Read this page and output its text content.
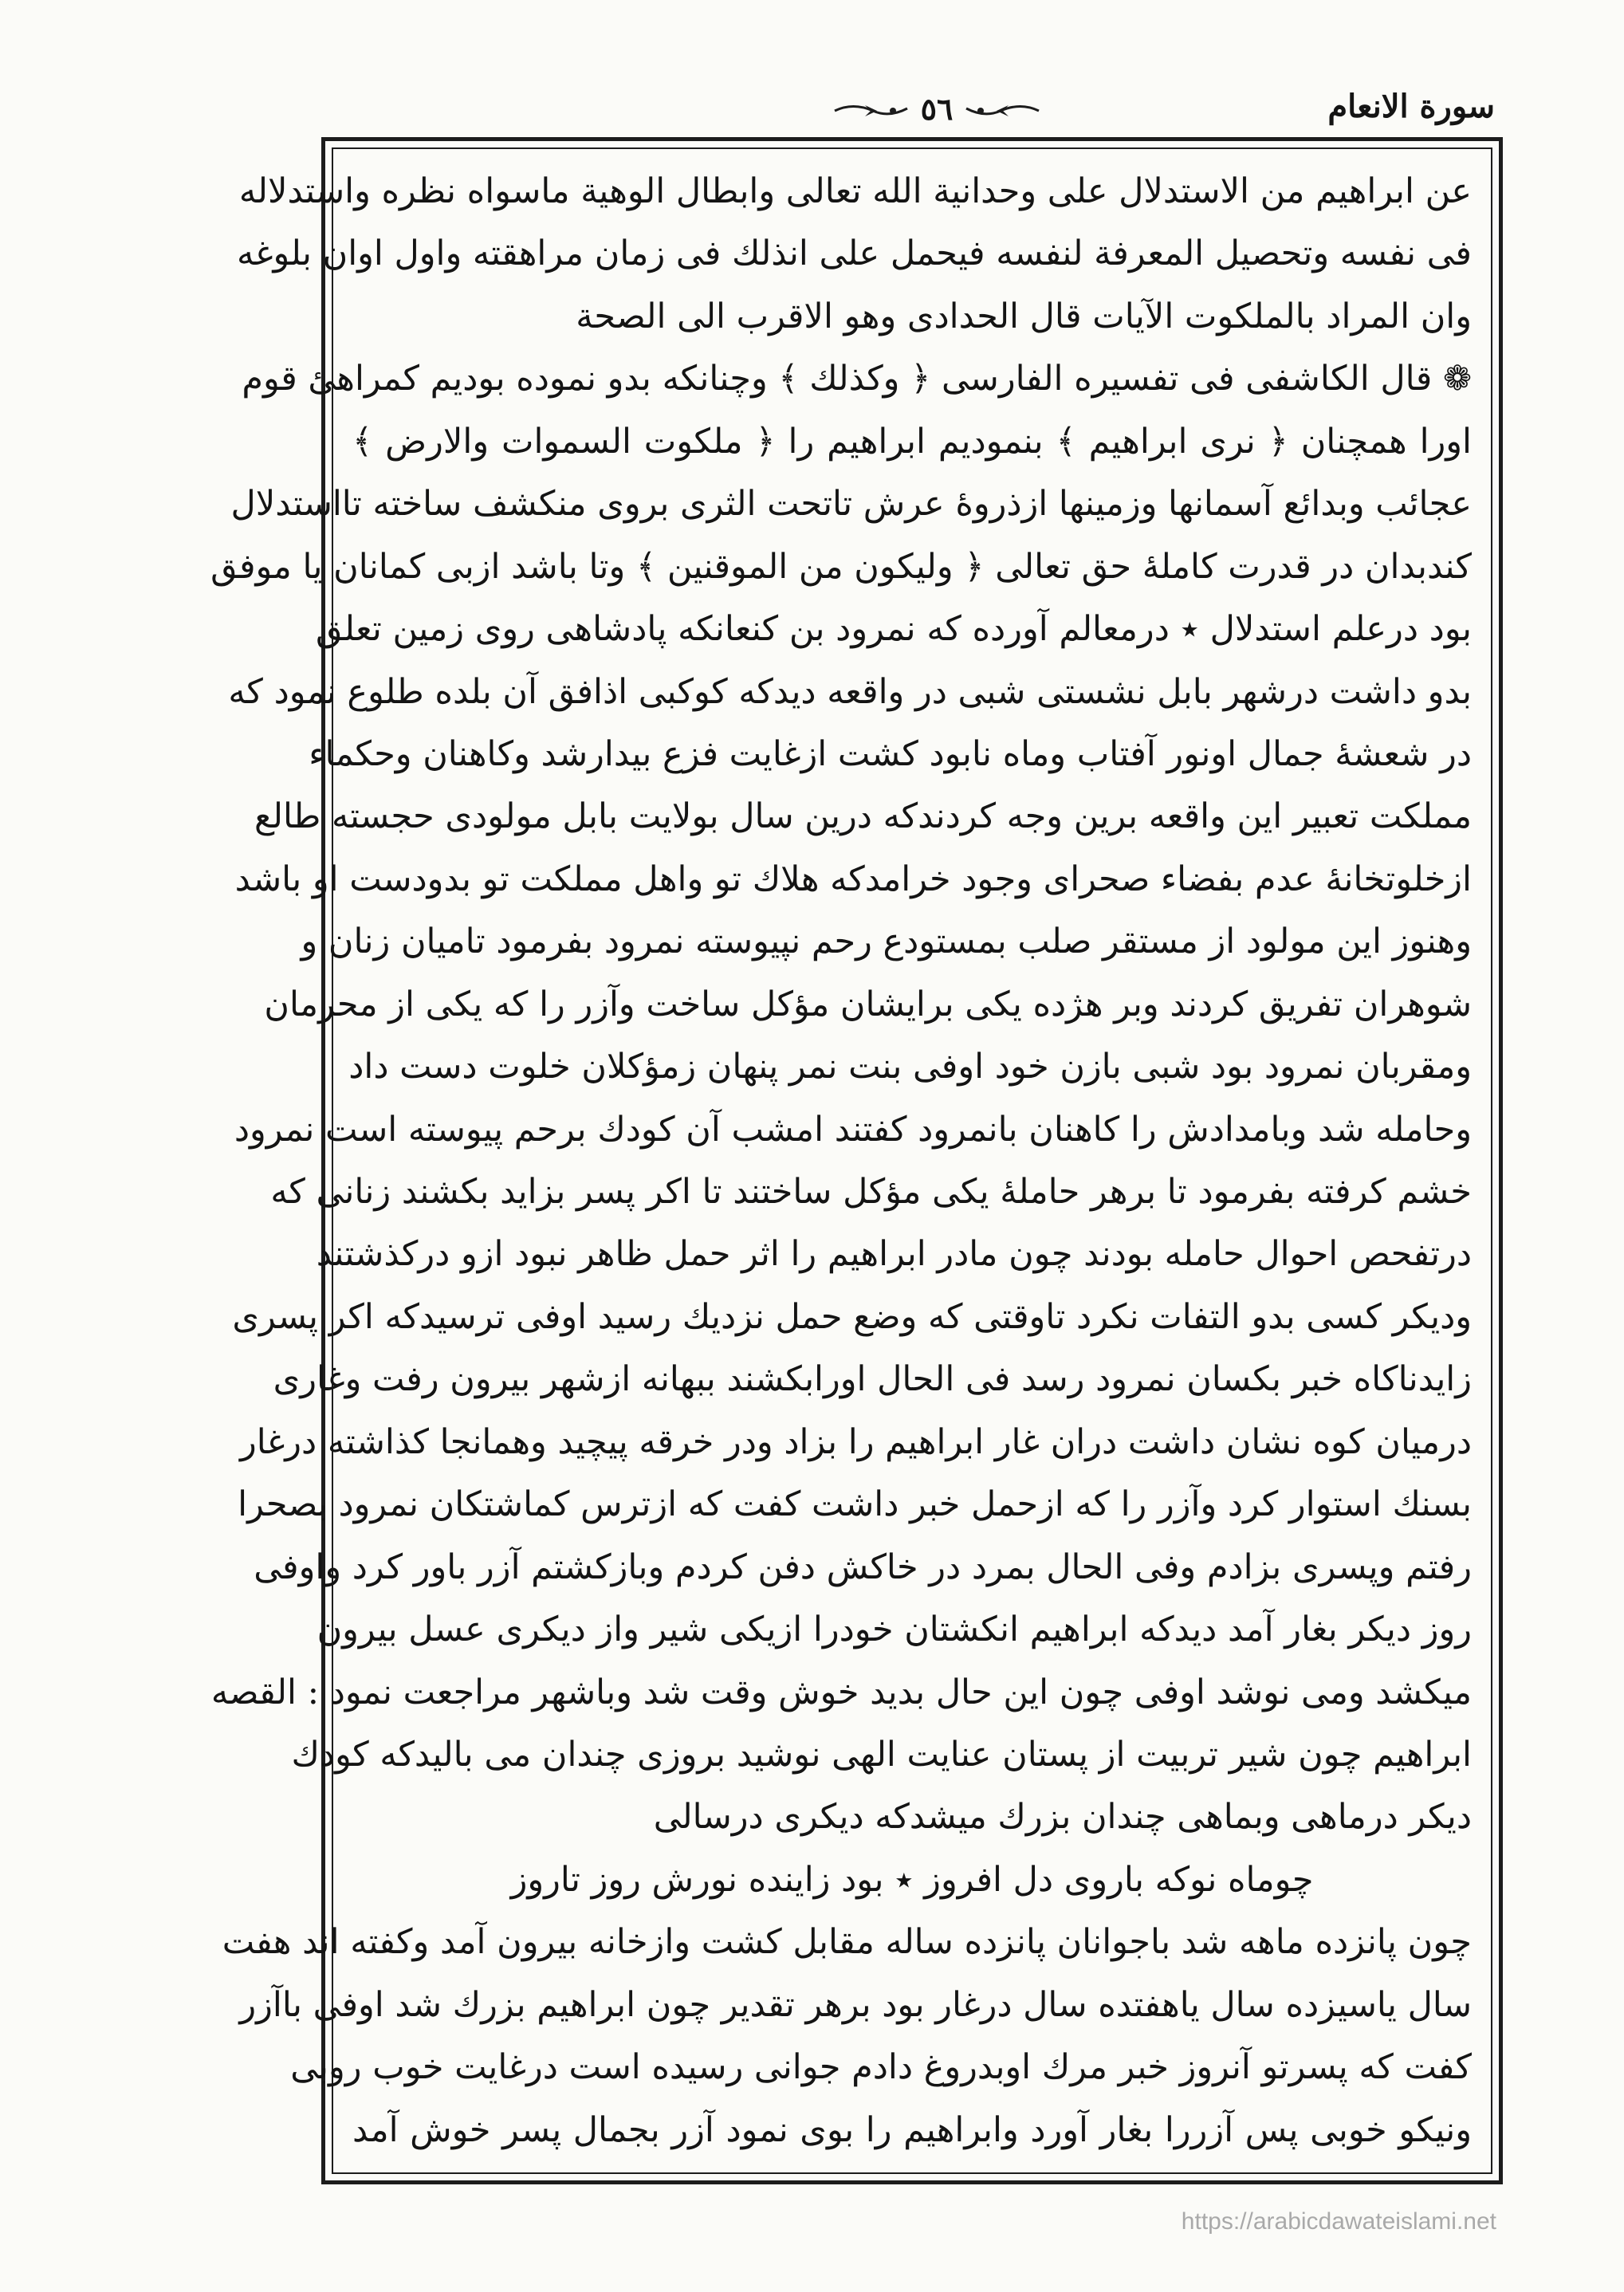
سورة الانعام
٥٦
عن ابراهيم من الاستدلال على وحدانية الله تعالى وابطال الوهية ماسواه نظره واستدلاله
فى نفسه وتحصيل المعرفة لنفسه فيحمل على انذلك فى زمان مراهقته واول اوان بلوغه
وان المراد بالملكوت الآيات قال الحدادى وهو الاقرب الى الصحة
❁ قال الكاشفى فى تفسيره الفارسى ﴿ وكذلك ﴾ وچنانكه بدو نموده بوديم كمراهىٔ قوم
اورا همچنان ﴿ نرى ابراهيم ﴾ بنموديم ابراهيم را ﴿ ملكوت السموات والارض ﴾
عجائب وبدائع آسمانها وزمينها ازذروهٔ عرش تاتحت الثرى بروى منكشف ساخته تااستدلال
كندبدان در قدرت كاملهٔ حق تعالى ﴿ وليكون من الموقنين ﴾ وتا باشد ازبى كمانان يا موفق
بود درعلم استدلال ٭ درمعالم آورده كه نمرود بن كنعانكه پادشاهى روى زمين تعلق
بدو داشت درشهر بابل نشستى شبى در واقعه ديدكه كوكبى اذافق آن بلده طلوع نمود كه
در شعشهٔ جمال اونور آفتاب وماه نابود كشت ازغايت فزع بيدارشد وكاهنان وحكماء
مملكت تعبير اين واقعه برين وجه كردندكه درين سال بولايت بابل مولودى حجسته طالع
ازخلوتخانهٔ عدم بفضاء صحراى وجود خرامدكه هلاك تو واهل مملكت تو بدودست او باشد
وهنوز اين مولود از مستقر صلب بمستودع رحم نپيوسته نمرود بفرمود تاميان زنان و
شوهران تفريق كردند وبر هژده يكى برايشان مؤكل ساخت وآزر را كه يكى از محرمان
ومقربان نمرود بود شبى بازن خود اوفى بنت نمر پنهان زمؤكلان خلوت دست داد
وحامله شد وبامدادش را كاهنان بانمرود كفتند امشب آن كودك برحم پيوسته است نمرود
خشم كرفته بفرمود تا برهر حاملهٔ يكى مؤكل ساختند تا اكر پسر بزايد بكشند زنانى كه
درتفحص احوال حامله بودند چون مادر ابراهيم را اثر حمل ظاهر نبود ازو دركذشتند
وديكر كسى بدو التفات نكرد تاوقتى كه وضع حمل نزديك رسيد اوفى ترسيدكه اكر پسرى
زايدناكاه خبر بكسان نمرود رسد فى الحال اورابكشند ببهانه ازشهر بيرون رفت وغارى
درميان كوه نشان داشت دران غار ابراهيم را بزاد ودر خرقه پيچيد وهمانجا كذاشته درغار
بسنك استوار كرد وآزر را كه ازحمل خبر داشت كفت كه ازترس كماشتكان نمرود بصحرا
رفتم وپسرى بزادم وفى الحال بمرد در خاكش دفن كردم وبازكشتم آزر باور كرد واوفى
روز ديكر بغار آمد ديدكه ابراهيم انكشتان خودرا ازيكى شير واز ديكرى عسل بيرون
ميكشد ومى نوشد اوفى چون اين حال بديد خوش وقت شد وباشهر مراجعت نمود : القصه
ابراهيم چون شير تربيت از پستان عنايت الهى نوشيد بروزى چندان مى باليدكه كودك
ديكر درماهى وبماهى چندان بزرك ميشدكه ديكرى درسالى
چوماه نوكه باروى دل افروز ٭ بود زاينده نورش روز تاروز
چون پانزده ماهه شد باجوانان پانزده ساله مقابل كشت وازخانه بيرون آمد وكفته اند هفت
سال ياسيزده سال ياهفتده سال درغار بود برهر تقدير چون ابراهيم بزرك شد اوفى باآزر
كفت كه پسرتو آنروز خبر مرك اوبدروغ دادم جوانى رسيده است درغايت خوب روبى
ونيكو خوبى پس آزررا بغار آورد وابراهيم را بوى نمود آزر بجمال پسر خوش آمد
https://arabicdawateislami.net
